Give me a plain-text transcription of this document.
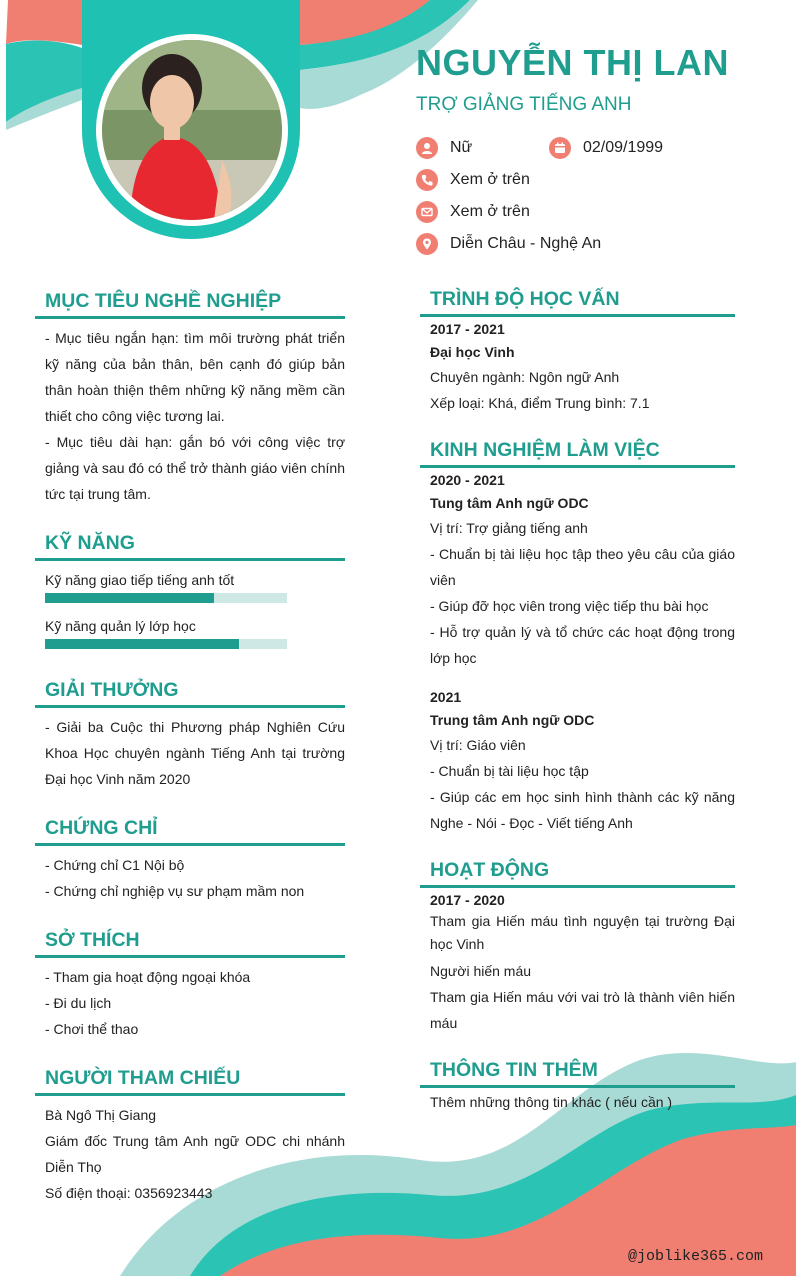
NGUYỄN THỊ LAN
TRỢ GIẢNG TIẾNG ANH
Nữ	02/09/1999
Xem ở trên
Xem ở trên
Diễn Châu - Nghệ An
MỤC TIÊU NGHỀ NGHIỆP
- Mục tiêu ngắn hạn: tìm môi trường phát triển kỹ năng của bản thân, bên cạnh đó giúp bản thân hoàn thiện thêm những kỹ năng mềm cần thiết cho công việc tương lai.
- Mục tiêu dài hạn: gắn bó với công việc trợ giảng và sau đó có thể trở thành giáo viên chính tức tại trung tâm.
KỸ NĂNG
Kỹ năng giao tiếp tiếng anh tốt
Kỹ năng quản lý lớp học
GIẢI THƯỞNG
- Giải ba Cuộc thi Phương pháp Nghiên Cứu Khoa Học chuyên ngành Tiếng Anh tại trường Đại học Vinh năm 2020
CHỨNG CHỈ
- Chứng chỉ C1 Nội bộ
- Chứng chỉ nghiệp vụ sư phạm mầm non
SỞ THÍCH
- Tham gia hoạt động ngoại khóa
- Đi du lịch
- Chơi thể thao
NGƯỜI THAM CHIẾU
Bà Ngô Thị Giang
Giám đốc Trung tâm Anh ngữ ODC chi nhánh Diễn Thọ
Số điện thoại: 0356923443
TRÌNH ĐỘ HỌC VẤN
2017 - 2021
Đại học Vinh
Chuyên ngành: Ngôn ngữ Anh
Xếp loại: Khá, điểm Trung bình: 7.1
KINH NGHIỆM LÀM VIỆC
2020 - 2021
Tung tâm Anh ngữ ODC
Vị trí: Trợ giảng tiếng anh
- Chuẩn bị tài liệu học tập theo yêu câu của giáo viên
- Giúp đỡ học viên trong việc tiếp thu bài học
- Hỗ trợ quản lý và tổ chức các hoạt động trong lớp học
2021
Trung tâm Anh ngữ ODC
Vị trí: Giáo viên
- Chuẩn bị tài liệu học tập
- Giúp các em học sinh hình thành các kỹ năng Nghe - Nói - Đọc - Viết tiếng Anh
HOẠT ĐỘNG
2017 - 2020
Tham gia Hiến máu tình nguyện tại trường Đại học Vinh
Người hiến máu
Tham gia Hiến máu với vai trò là thành viên hiến máu
THÔNG TIN THÊM
Thêm những thông tin khác ( nếu cần )
@joblike365.com
